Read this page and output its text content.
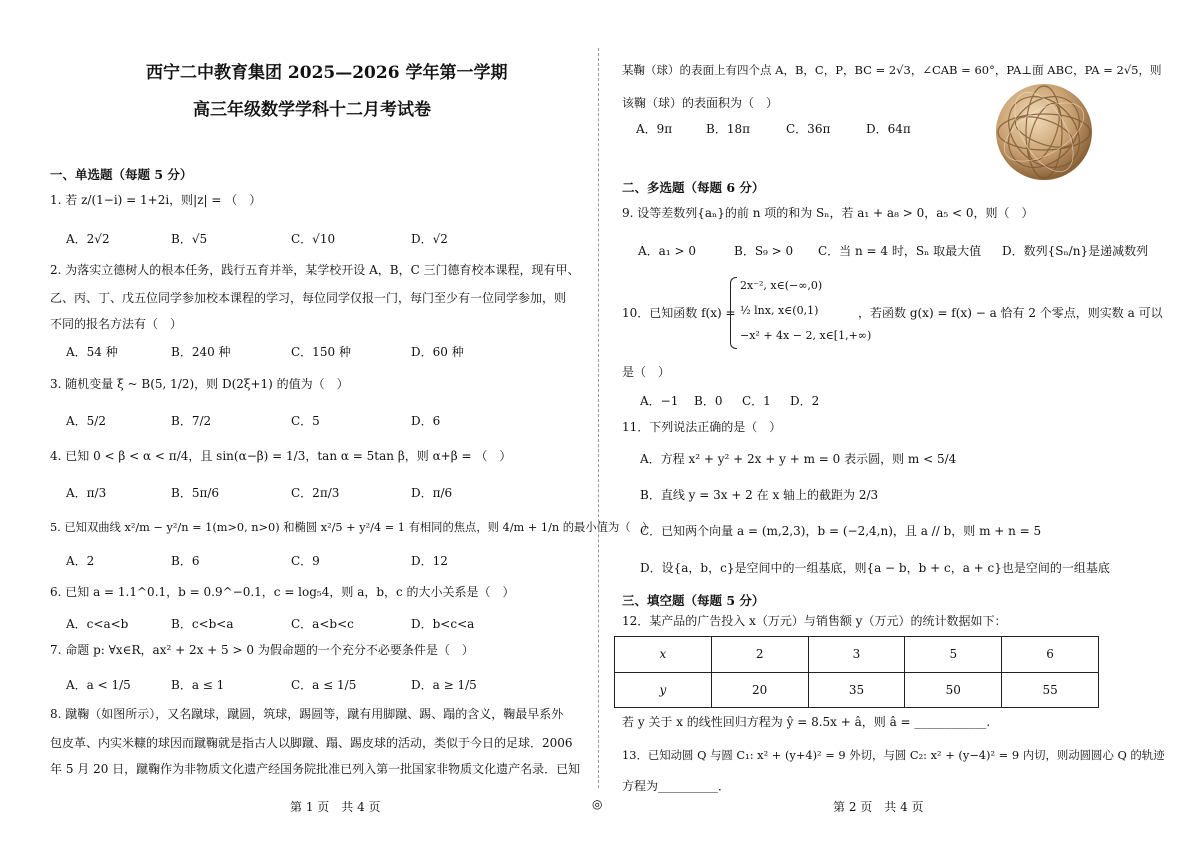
西宁二中教育集团 2025—2026 学年第一学期
高三年级数学学科十二月考试卷
一、单选题（每题 5 分）
1. 若 z/(1−i) = 1+2i，则|z| = （　）
A．2√2	B．√5	C．√10	D．√2
2. 为落实立德树人的根本任务，践行五育并举，某学校开设 A，B，C 三门德育校本课程，现有甲、
乙、丙、丁、戊五位同学参加校本课程的学习，每位同学仅报一门，每门至少有一位同学参加，则
不同的报名方法有（　）
A．54 种	B．240 种	C．150 种	D．60 种
3. 随机变量 ξ ~ B(5, 1/2)，则 D(2ξ+1) 的值为（　）
A．5/2	B．7/2	C．5	D．6
4. 已知 0 < β < α < π/4，且 sin(α−β) = 1/3，tan α = 5tan β，则 α+β = （　）
A．π/3	B．5π/6	C．2π/3	D．π/6
5. 已知双曲线 x²/m − y²/n = 1(m>0, n>0) 和椭圆 x²/5 + y²/4 = 1 有相同的焦点，则 4/m + 1/n 的最小值为（　）
A．2	B．6	C．9	D．12
6. 已知 a = 1.1^0.1，b = 0.9^−0.1，c = log₅4，则 a，b，c 的大小关系是（　）
A．c<a<b	B．c<b<a	C．a<b<c	D．b<c<a
7. 命题 p: ∀x∈R，ax² + 2x + 5 > 0 为假命题的一个充分不必要条件是（　）
A．a < 1/5	B．a ≤ 1	C．a ≤ 1/5	D．a ≥ 1/5
8. 蹴鞠（如图所示），又名蹴球，蹴圆，筑球，踢圆等，蹴有用脚蹴、踢、蹋的含义，鞠最早系外
包皮革、内实米糠的球因而蹴鞠就是指古人以脚蹴、蹋、踢皮球的活动，类似于今日的足球．2006
年 5 月 20 日，蹴鞠作为非物质文化遗产经国务院批准已列入第一批国家非物质文化遗产名录．已知
第 1 页　共 4 页	◎
某鞠（球）的表面上有四个点 A，B，C，P，BC = 2√3，∠CAB = 60°，PA⊥面 ABC，PA = 2√5，则
该鞠（球）的表面积为（　）
A．9π	B．18π	C．36π	D．64π
二、多选题（每题 6 分）
9. 设等差数列{aₙ}的前 n 项的和为 Sₙ，若 a₁ + a₈ > 0，a₅ < 0，则（　）
A．a₁ > 0	B．S₉ > 0 C．当 n = 4 时，Sₙ 取最大值 D．数列{Sₙ/n}是递减数列
10．已知函数 f(x) =
2x⁻², x∈(−∞,0)
½ lnx, x∈(0,1)
−x² + 4x − 2, x∈[1,+∞)
，若函数 g(x) = f(x) − a 恰有 2 个零点，则实数 a 可以
是（　）
A．−1 B．0 C．1 D．2
11．下列说法正确的是（　）
A．方程 x² + y² + 2x + y + m = 0 表示圆，则 m < 5/4
B．直线 y = 3x + 2 在 x 轴上的截距为 2/3
C．已知两个向量 a = (m,2,3)，b = (−2,4,n)，且 a // b，则 m + n = 5
D．设{a，b，c}是空间中的一组基底，则{a − b，b + c，a + c}也是空间的一组基底
三、填空题（每题 5 分）
12．某产品的广告投入 x（万元）与销售额 y（万元）的统计数据如下：
x	2	3	5	6
y	20	35	50	55
若 y 关于 x 的线性回归方程为 ŷ = 8.5x + â，则 â = ____________.
13．已知动圆 Q 与圆 C₁: x² + (y+4)² = 9 外切，与圆 C₂: x² + (y−4)² = 9 内切，则动圆圆心 Q 的轨迹
方程为__________．
第 2 页　共 4 页
